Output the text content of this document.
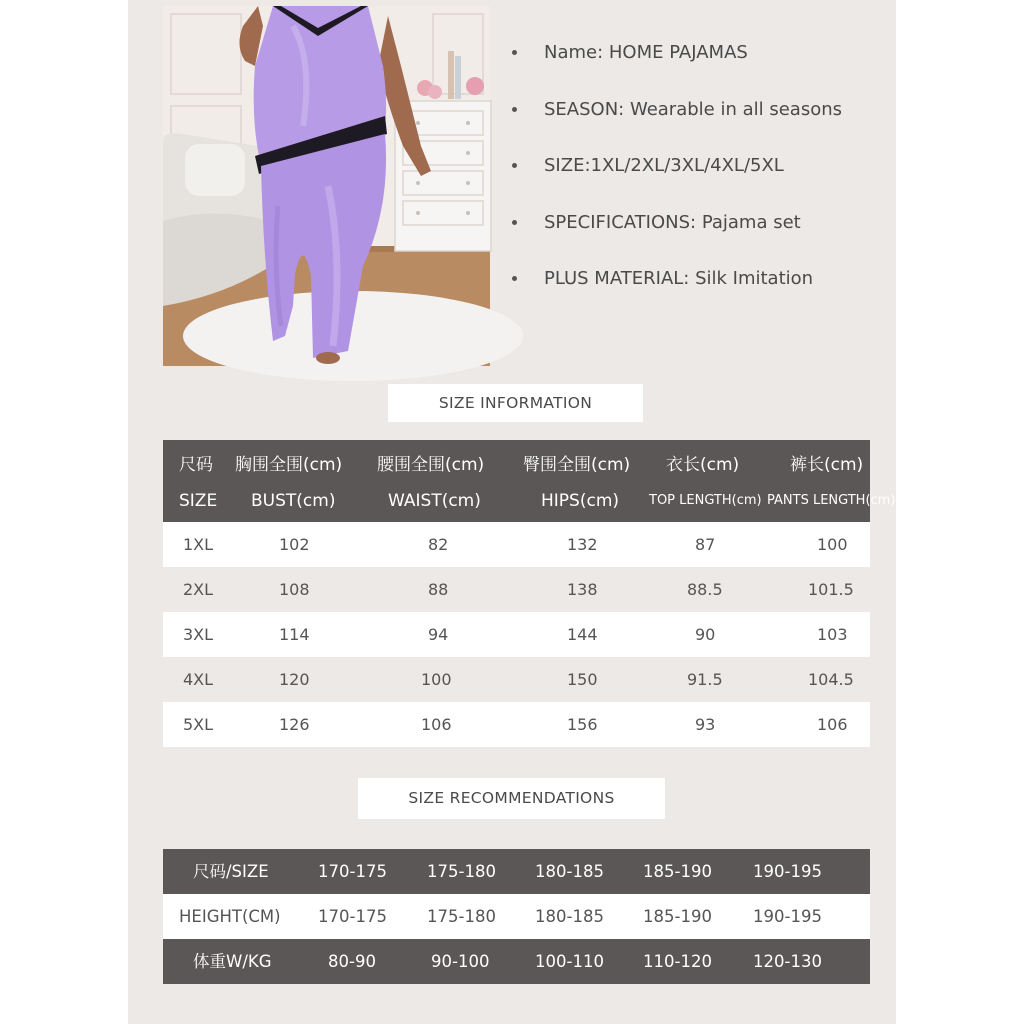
Name: HOME PAJAMAS
SEASON: Wearable in all seasons
SIZE:1XL/2XL/3XL/4XL/5XL
SPECIFICATIONS: Pajama set
PLUS MATERIAL: Silk Imitation
SIZE INFORMATION
尺码 胸围全围(cm) 腰围全围(cm) 臀围全围(cm) 衣长(cm)	裤长(cm)
SIZE BUST(cm)	WAIST(cm)	HIPS(cm) TOP LENGTH(cm) PANTS LENGTH(cm)
1XL	102	82	132	87	100
2XL	108	88	138	88.5	101.5
3XL	114	94	144	90	103
4XL	120	100	150	91.5	104.5
5XL	126	106	156	93	106
SIZE RECOMMENDATIONS
尺码/SIZE	170-175 175-180 180-185 185-190 190-195
HEIGHT(CM) 170-175 175-180 180-185 185-190 190-195
体重W/KG	80-90	90-100	100-110 110-120 120-130
